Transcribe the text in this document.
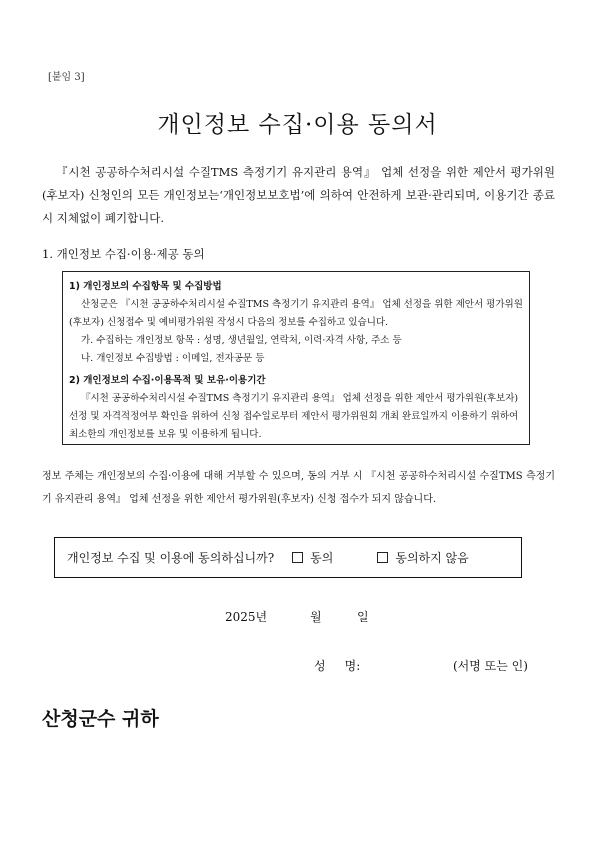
[붙임 3]
개인정보 수집·이용 동의서
『시천 공공하수처리시설 수질TMS 측정기기 유지관리 용역』 업체 선정을 위한 제안서 평가위원(후보자) 신청인의 모든 개인정보는‘개인정보보호법’에 의하여 안전하게 보관·관리되며, 이용기간 종료 시 지체없이 폐기합니다.
1. 개인정보 수집·이용·제공 동의
1) 개인정보의 수집항목 및 수집방법
산청군은 『시천 공공하수처리시설 수질TMS 측정기기 유지관리 용역』 업체 선정을 위한 제안서 평가위원(후보자) 신청접수 및 예비평가위원 작성시 다음의 정보를 수집하고 있습니다.
가. 수집하는 개인정보 항목 : 성명, 생년월일, 연락처, 이력·자격 사항, 주소 등
나. 개인정보 수집방법 : 이메일, 전자공문 등
2) 개인정보의 수집·이용목적 및 보유·이용기간
『시천 공공하수처리시설 수질TMS 측정기기 유지관리 용역』 업체 선정을 위한 제안서 평가위원(후보자) 선정 및 자격적정여부 확인을 위하여 신청 접수일로부터 제안서 평가위원회 개최 완료일까지 이용하기 위하여 최소한의 개인정보를 보유 및 이용하게 됩니다.
정보 주체는 개인정보의 수집·이용에 대해 거부할 수 있으며, 동의 거부 시 『시천 공공하수처리시설 수질TMS 측정기기 유지관리 용역』 업체 선정을 위한 제안서 평가위원(후보자) 신청 접수가 되지 않습니다.
개인정보 수집 및 이용에 동의하십니까?	동의	동의하지 않음
2025년	월	일
성     명:	(서명 또는 인)
산청군수 귀하
